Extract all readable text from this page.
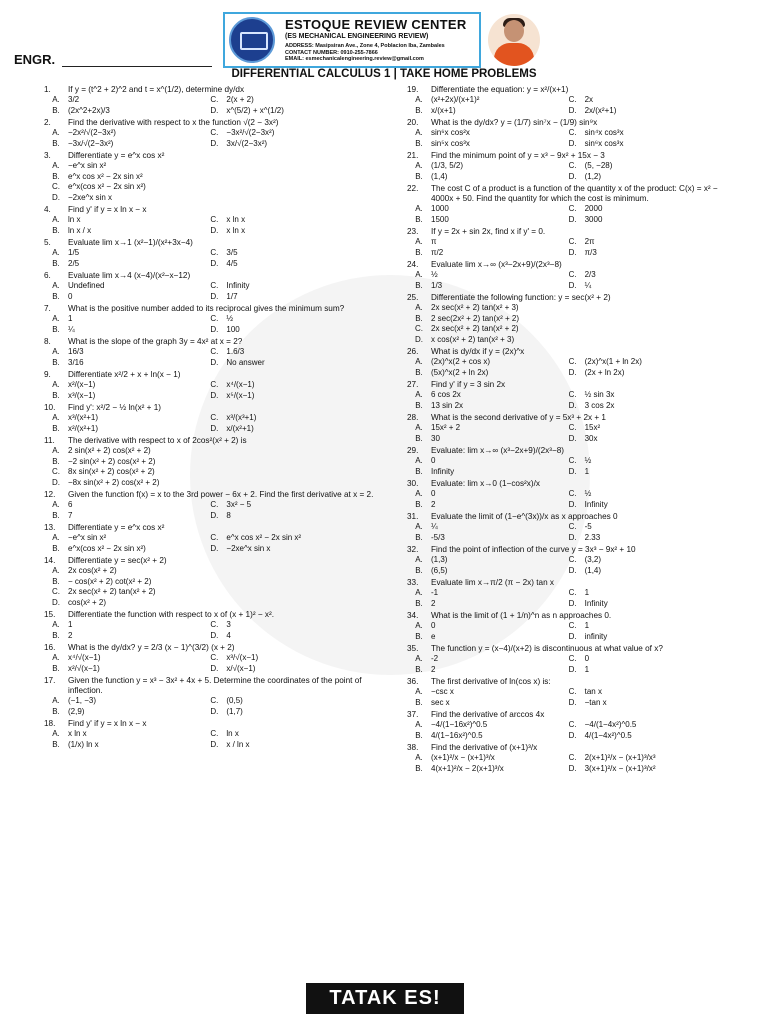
ENGR.
ESTOQUE REVIEW CENTER
(ES MECHANICAL ENGINEERING REVIEW)
ADDRESS: Masipsiran Ave., Zone 4, Poblacion Iba, Zambales
CONTACT NUMBER: 0910-255-7866
EMAIL: esmechanicalengineering.review@gmail.com
DIFFERENTIAL CALCULUS 1 | TAKE HOME PROBLEMS
1. If y = (t^2 + 2)^2 and t = x^(1/2), determine dy/dx
A.	3/2	C.	2(x + 2)
B.	(2x^2+2x)/3	D.	x^(5/2) + x^(1/2)
2. Find the derivative with respect to x the function √(2 − 3x²)
A.	−2x²/√(2−3x²)	C.	−3x²/√(2−3x²)
B.	−3x/√(2−3x²)	D.	3x/√(2−3x²)
3. Differentiate y = e^x cos x²
A.	−e^x sin x²
B.	e^x cos x² − 2x sin x²
C.	e^x(cos x² − 2x sin x²)
D.	−2xe^x sin x
4. Find y' if y = x ln x − x
A.	ln x	C.	x ln x
B.	ln x / x	D.	x ln x
5. Evaluate lim x→1 (x²−1)/(x²+3x−4)
A.	1/5	C.	3/5
B.	2/5	D.	4/5
6. Evaluate lim x→4 (x−4)/(x²−x−12)
A.	Undefined	C.	Infinity
B.	0	D.	1/7
7. What is the positive number added to its reciprocal gives the minimum sum?
A.	1	C.	½
B.	¼	D.	100
8. What is the slope of the graph 3y = 4x² at x = 2?
A.	16/3	C.	1.6/3
B.	3/16	D.	No answer
9. Differentiate x²/2 + x + ln(x − 1)
A.	x²/(x−1)	C.	x⁴/(x−1)
B.	x³/(x−1)	D.	x⁵/(x−1)
10. Find y': x²/2 − ½ ln(x² + 1)
A.	x³/(x²+1)	C.	x³/(x³+1)
B.	x²/(x²+1)	D.	x/(x²+1)
11. The derivative with respect to x of 2cos²(x² + 2) is
A.	2 sin(x² + 2) cos(x² + 2)
B.	−2 sin(x² + 2) cos(x² + 2)
C.	8x sin(x² + 2) cos(x² + 2)
D.	−8x sin(x² + 2) cos(x² + 2)
12. Given the function f(x) = x to the 3rd power − 6x + 2. Find the first derivative at x = 2.
A.	6	C.	3x² − 5
B.	7	D.	8
13. Differentiate y = e^x cos x²
A.	−e^x sin x²	C.	e^x cos x² − 2x sin x²
B.	e^x(cos x² − 2x sin x²)	D.	−2xe^x sin x
14. Differentiate y = sec(x² + 2)
A.	2x cos(x² + 2)
B.	− cos(x² + 2) cot(x² + 2)
C.	2x sec(x² + 2) tan(x² + 2)
D.	cos(x² + 2)
15. Differentiate the function with respect to x of (x + 1)² − x².
A.	1	C.	3
B.	2	D.	4
16. What is the dy/dx? y = 2/3 (x − 1)^(3/2) (x + 2)
A.	x⁴/√(x−1)	C.	x³/√(x−1)
B.	x²/√(x−1)	D.	x/√(x−1)
17. Given the function y = x³ − 3x² + 4x + 5. Determine the coordinates of the point of inflection.
A.	(−1, −3)	C.	(0,5)
B.	(2,9)	D.	(1,7)
18. Find y' if y = x ln x − x
A.	x ln x	C.	ln x
B.	(1/x) ln x	D.	x / ln x
19. Differentiate the equation: y = x²/(x+1)
A.	(x²+2x)/(x+1)²	C.	2x
B.	x/(x+1)	D.	2x/(x²+1)
20. What is the dy/dx? y = (1/7) sin⁷x − (1/9) sin⁹x
A.	sin⁶x cos²x	C.	sin⁴x cos³x
B.	sin⁵x cos³x	D.	sin⁶x cos³x
21. Find the minimum point of y = x³ − 9x² + 15x − 3
A.	(1/3, 5/2)	C.	(5, −28)
B.	(1,4)	D.	(1,2)
22. The cost C of a product is a function of the quantity x of the product: C(x) = x² − 4000x + 50. Find the quantity for which the cost is minimum.
A.	1000	C.	2000
B.	1500	D.	3000
23. If y = 2x + sin 2x, find x if y' = 0.
A.	π	C.	2π
B.	π/2	D.	π/3
24. Evaluate lim x→∞ (x³−2x+9)/(2x³−8)
A.	½	C.	2/3
B.	1/3	D.	¼
25. Differentiate the following function: y = sec(x² + 2)
A.	2x sec(x² + 2) tan(x² + 3)
B.	2 sec(2x² + 2) tan(x² + 2)
C.	2x sec(x² + 2) tan(x² + 2)
D.	x cos(x² + 2) tan(x² + 3)
26. What is dy/dx if y = (2x)^x
A.	(2x)^x(2 + cos x)	C.	(2x)^x(1 + ln 2x)
B.	(5x)^x(2 + ln 2x)	D.	(2x + ln 2x)
27. Find y' if y = 3 sin 2x
A.	6 cos 2x	C.	½ sin 3x
B.	13 sin 2x	D.	3 cos 2x
28. What is the second derivative of y = 5x³ + 2x + 1
A.	15x² + 2	C.	15x²
B.	30	D.	30x
29. Evaluate: lim x→∞ (x³−2x+9)/(2x³−8)
A.	0	C.	½
B.	Infinity	D.	1
30. Evaluate: lim x→0 (1−cos²x)/x
A.	0	C.	½
B.	2	D.	Infinity
31. Evaluate the limit of (1−e^(3x))/x as x approaches 0
A.	¼	C.	-5
B.	-5/3	D.	2.33
32. Find the point of inflection of the curve y = 3x³ − 9x² + 10
A.	(1,3)	C.	(3,2)
B.	(6,5)	D.	(1,4)
33. Evaluate lim x→π/2 (π − 2x) tan x
A.	-1	C.	1
B.	2	D.	Infinity
34. What is the limit of (1 + 1/n)^n as n approaches 0.
A.	0	C.	1
B.	e	D.	infinity
35. The function y = (x−4)/(x+2) is discontinuous at what value of x?
A.	-2	C.	0
B.	2	D.	1
36. The first derivative of ln(cos x) is:
A.	−csc x	C.	tan x
B.	sec x	D.	−tan x
37. Find the derivative of arccos 4x
A.	−4/(1−16x²)^0.5	C.	−4/(1−4x²)^0.5
B.	4/(1−16x²)^0.5	D.	4/(1−4x²)^0.5
38. Find the derivative of (x+1)³/x
A.	(x+1)²/x − (x+1)³/x	C.	2(x+1)²/x − (x+1)³/x³
B.	4(x+1)²/x − 2(x+1)³/x	D.	3(x+1)²/x − (x+1)³/x²
TATAK ES!
